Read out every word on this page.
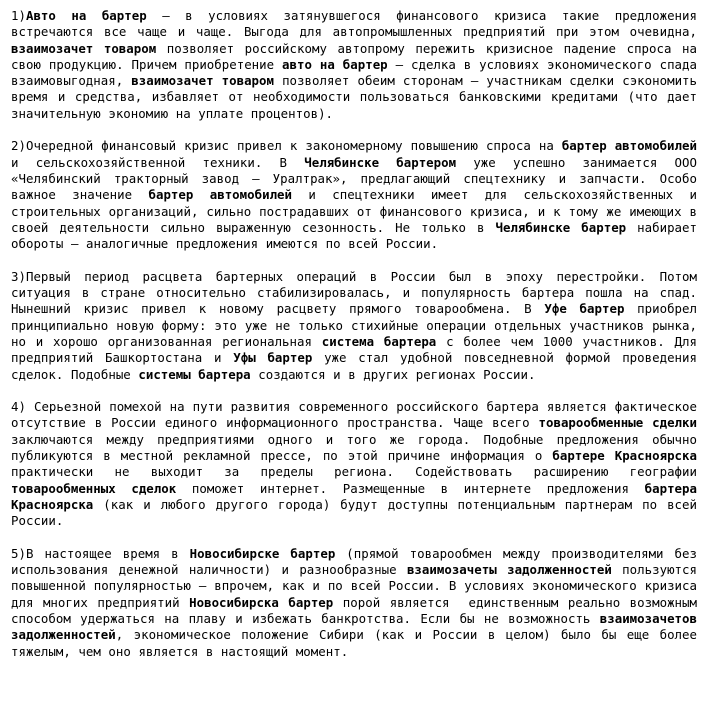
1)Авто на бартер – в условиях затянувшегося финансового кризиса такие предложения встречаются все чаще и чаще. Выгода для автопромышленных предприятий при этом очевидна, взаимозачет товаром позволяет российскому автопрому пережить кризисное падение спроса на свою продукцию. Причем приобретение авто на бартер – сделка в условиях экономического спада взаимовыгодная, взаимозачет товаром позволяет обеим сторонам – участникам сделки сэкономить время и средства, избавляет от необходимости пользоваться банковскими кредитами (что дает значительную экономию на уплате процентов).

2)Очередной финансовый кризис привел к закономерному повышению спроса на бартер автомобилей и сельскохозяйственной техники. В Челябинске бартером уже успешно занимается ООО «Челябинский тракторный завод – Уралтрак», предлагающий спецтехнику и запчасти. Особо важное значение бартер автомобилей и спецтехники имеет для сельскохозяйственных и строительных организаций, сильно пострадавших от финансового кризиса, и к тому же имеющих в своей деятельности сильно выраженную сезонность. Не только в Челябинске бартер набирает обороты – аналогичные предложения имеются по всей России.

3)Первый период расцвета бартерных операций в России был в эпоху перестройки. Потом ситуация в стране относительно стабилизировалась, и популярность бартера пошла на спад. Нынешний кризис привел к новому расцвету прямого товарообмена. В Уфе бартер приобрел принципиально новую форму: это уже не только стихийные операции отдельных участников рынка, но и хорошо организованная региональная система бартера с более чем 1000 участников. Для предприятий Башкортостана и Уфы бартер уже стал удобной повседневной формой проведения сделок. Подобные системы бартера создаются и в других регионах России.

4) Серьезной помехой на пути развития современного российского бартера является фактическое отсутствие в России единого информационного пространства. Чаще всего товарообменные сделки заключаются между предприятиями одного и того же города. Подобные предложения обычно публикуются в местной рекламной прессе, по этой причине информация о бартере Красноярска практически не выходит за пределы региона. Содействовать расширению географии товарообменных сделок поможет интернет. Размещенные в интернете предложения бартера Красноярска (как и любого другого города) будут доступны потенциальным партнерам по всей России.

5)В настоящее время в Новосибирске бартер (прямой товарообмен между производителями без использования денежной наличности) и разнообразные взаимозачеты задолженностей пользуются повышенной популярностью – впрочем, как и по всей России. В условиях экономического кризиса для многих предприятий Новосибирска бартер порой является  единственным реально возможным способом удержаться на плаву и избежать банкротства. Если бы не возможность взаимозачетов задолженностей, экономическое положение Сибири (как и России в целом) было бы еще более тяжелым, чем оно является в настоящий момент.
